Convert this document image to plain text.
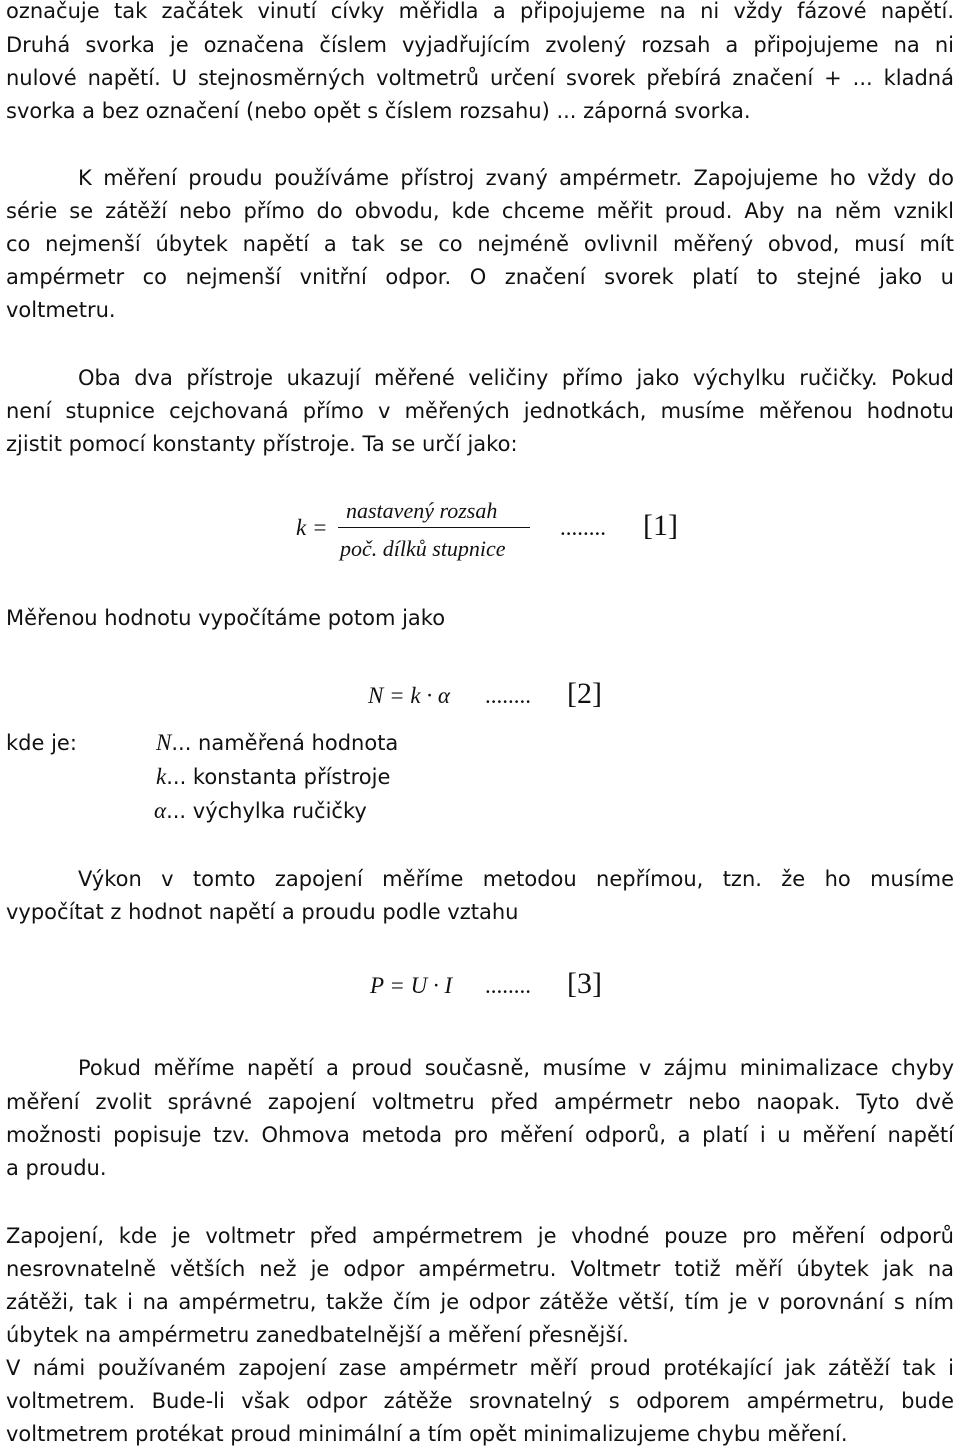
označuje tak začátek vinutí cívky měřidla a připojujeme na ni vždy fázové napětí.
Druhá svorka je označena číslem vyjadřujícím zvolený rozsah a připojujeme na ni
nulové napětí. U stejnosměrných voltmetrů určení svorek přebírá značení + ... kladná
svorka a bez označení (nebo opět s číslem rozsahu) ... záporná svorka.
K měření proudu používáme přístroj zvaný ampérmetr. Zapojujeme ho vždy do
série se zátěží nebo přímo do obvodu, kde chceme měřit proud. Aby na něm vznikl
co nejmenší úbytek napětí a tak se co nejméně ovlivnil měřený obvod, musí mít
ampérmetr co nejmenší vnitřní odpor. O značení svorek platí to stejné jako u
voltmetru.
Oba dva přístroje ukazují měřené veličiny přímo jako výchylku ručičky. Pokud
není stupnice cejchovaná přímo v měřených jednotkách, musíme měřenou hodnotu
zjistit pomocí konstanty přístroje. Ta se určí jako:
k =
nastavený rozsah
poč. dílků stupnice
........ [1]
Měřenou hodnotu vypočítáme potom jako
N = k · α ........ [2]
kde je:	N... naměřená hodnota
k... konstanta přístroje
α... výchylka ručičky
Výkon v tomto zapojení měříme metodou nepřímou, tzn. že ho musíme
vypočítat z hodnot napětí a proudu podle vztahu
P = U · I ........ [3]
Pokud měříme napětí a proud současně, musíme v zájmu minimalizace chyby
měření zvolit správné zapojení voltmetru před ampérmetr nebo naopak. Tyto dvě
možnosti popisuje tzv. Ohmova metoda pro měření odporů, a platí i u měření napětí
a proudu.
Zapojení, kde je voltmetr před ampérmetrem je vhodné pouze pro měření odporů
nesrovnatelně větších než je odpor ampérmetru. Voltmetr totiž měří úbytek jak na
zátěži, tak i na ampérmetru, takže čím je odpor zátěže větší, tím je v porovnání s ním
úbytek na ampérmetru zanedbatelnější a měření přesnější.
V námi používaném zapojení zase ampérmetr měří proud protékající jak zátěží tak i
voltmetrem. Bude-li však odpor zátěže srovnatelný s odporem ampérmetru, bude
voltmetrem protékat proud minimální a tím opět minimalizujeme chybu měření.
